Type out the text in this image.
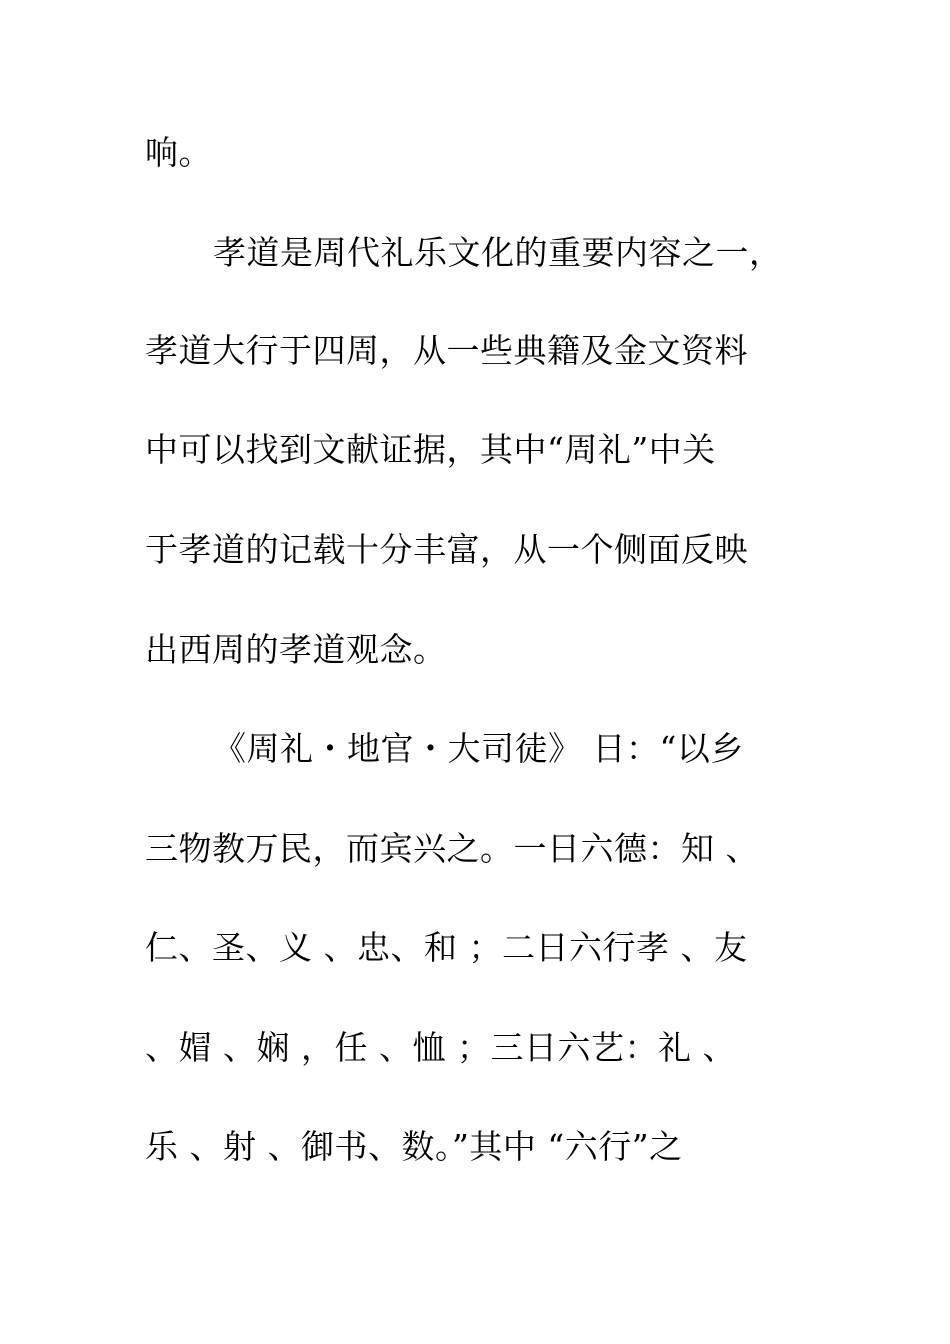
响。
孝道是周代礼乐文化的重要内容之一，
孝道大行于四周，从一些典籍及金文资料
中可以找到文献证据，其中“周礼”中关
于孝道的记载十分丰富，从一个侧面反映
出西周的孝道观念。
《周礼・地官・大司徒》 日：“以乡
三物教万民，而宾兴之。一日六德：知 、
仁、圣、义 、忠、和 ；二日六行孝 、友
、媢 、娴 ，任 、恤 ；三日六艺：礼 、
乐 、射 、御书、数。”其中 “六行”之
